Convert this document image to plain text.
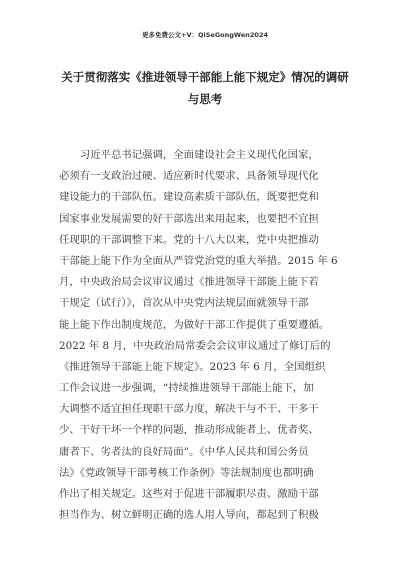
更多免费公文+V：QiSeGongWen2024
关于贯彻落实《推进领导干部能上能下规定》情况的调研
与思考
　　习近平总书记强调，全面建设社会主义现代化国家，
必须有一支政治过硬、适应新时代要求、具备领导现代化
建设能力的干部队伍。建设高素质干部队伍，既要把党和
国家事业发展需要的好干部选出来用起来，也要把不宜担
任现职的干部调整下来。党的十八大以来，党中央把推动
干部能上能下作为全面从严管党治党的重大举措。2015 年 6
月，中央政治局会议审议通过《推进领导干部能上能下若
干规定（试行）》，首次从中央党内法规层面就领导干部
能上能下作出制度规范，为做好干部工作提供了重要遵循。
2022 年 8 月，中央政治局常委会会议审议通过了修订后的
《推进领导干部能上能下规定》。2023 年 6 月，全国组织
工作会议进一步强调，“持续推进领导干部能上能下，加
大调整不适宜担任现职干部力度，解决干与不干、干多干
少、干好干坏一个样的问题，推动形成能者上、优者奖、
庸者下、劣者汰的良好局面”。《中华人民共和国公务员
法》《党政领导干部考核工作条例》等法规制度也都明确
作出了相关规定。这些对于促进干部履职尽责、激励干部
担当作为、树立鲜明正确的选人用人导向，都起到了积极
